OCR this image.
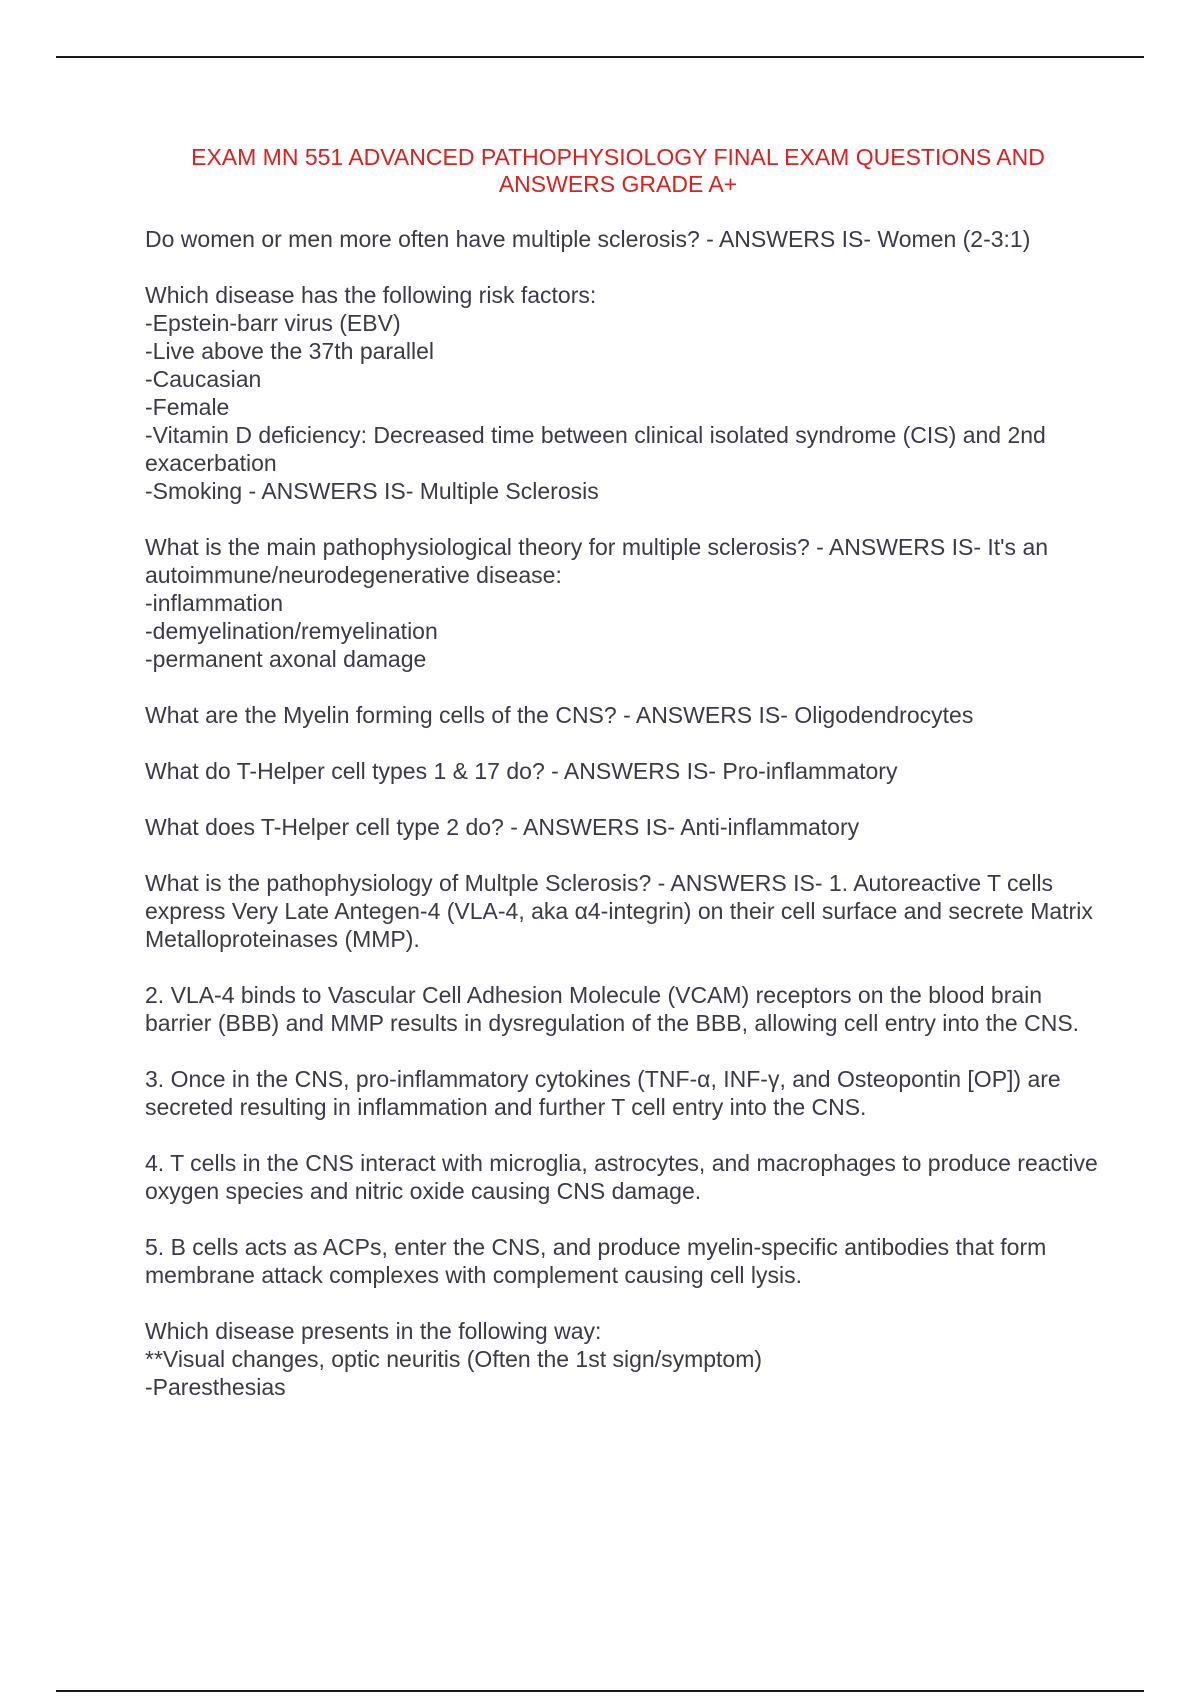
EXAM MN 551 ADVANCED PATHOPHYSIOLOGY FINAL EXAM QUESTIONS AND
ANSWERS GRADE A+

Do women or men more often have multiple sclerosis? - ANSWERS IS- Women (2-3:1)

Which disease has the following risk factors:
-Epstein-barr virus (EBV)
-Live above the 37th parallel
-Caucasian
-Female
-Vitamin D deficiency: Decreased time between clinical isolated syndrome (CIS) and 2nd exacerbation
-Smoking - ANSWERS IS- Multiple Sclerosis

What is the main pathophysiological theory for multiple sclerosis? - ANSWERS IS- It's an autoimmune/neurodegenerative disease:
-inflammation
-demyelination/remyelination
-permanent axonal damage

What are the Myelin forming cells of the CNS? - ANSWERS IS- Oligodendrocytes

What do T-Helper cell types 1 & 17 do? - ANSWERS IS- Pro-inflammatory

What does T-Helper cell type 2 do? - ANSWERS IS- Anti-inflammatory

What is the pathophysiology of Multple Sclerosis? - ANSWERS IS- 1. Autoreactive T cells express Very Late Antegen-4 (VLA-4, aka α4-integrin) on their cell surface and secrete Matrix Metalloproteinases (MMP).

2. VLA-4 binds to Vascular Cell Adhesion Molecule (VCAM) receptors on the blood brain barrier (BBB) and MMP results in dysregulation of the BBB, allowing cell entry into the CNS.

3. Once in the CNS, pro-inflammatory cytokines (TNF-α, INF-γ, and Osteopontin [OP]) are secreted resulting in inflammation and further T cell entry into the CNS.

4. T cells in the CNS interact with microglia, astrocytes, and macrophages to produce reactive oxygen species and nitric oxide causing CNS damage.

5. B cells acts as ACPs, enter the CNS, and produce myelin-specific antibodies that form membrane attack complexes with complement causing cell lysis.

Which disease presents in the following way:
**Visual changes, optic neuritis (Often the 1st sign/symptom)
-Paresthesias
